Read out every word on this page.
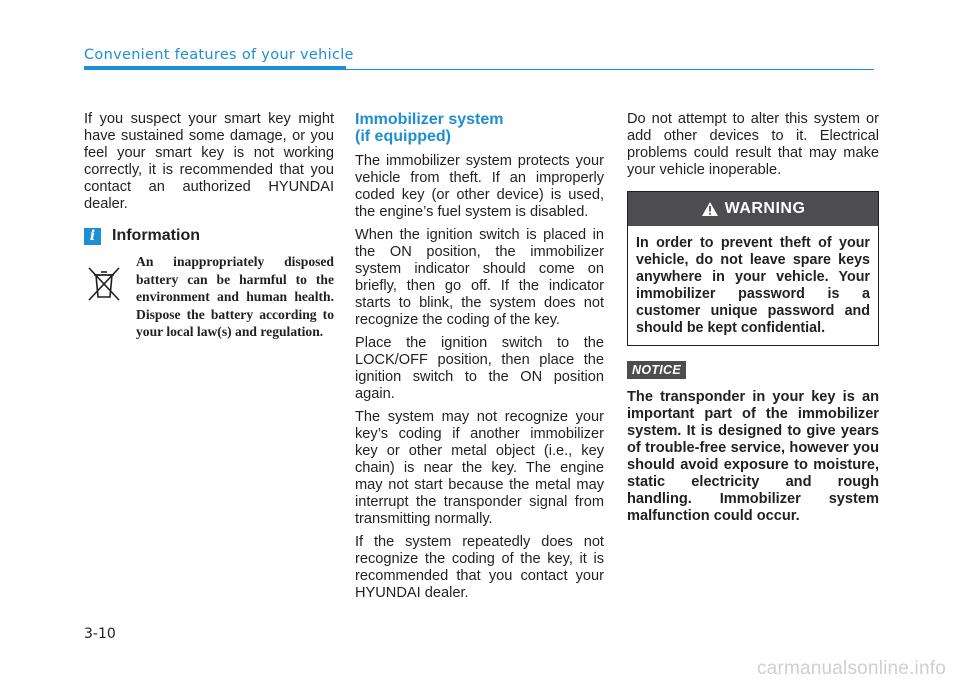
Convenient features of your vehicle

If you suspect your smart key might have sustained some damage, or you feel your smart key is not working correctly, it is recommended that you contact an authorized HYUNDAI dealer.

i	Information
An inappropriately disposed battery can be harmful to the environment and human health. Dispose the battery according to your local law(s) and regulation.
Immobilizer system
(if equipped)

The immobilizer system protects your vehicle from theft. If an improperly coded key (or other device) is used, the engine’s fuel system is disabled.

When the ignition switch is placed in the ON position, the immobilizer system indicator should come on briefly, then go off. If the indicator starts to blink, the system does not recognize the coding of the key.

Place the ignition switch to the LOCK/OFF position, then place the ignition switch to the ON position again.

The system may not recognize your key’s coding if another immobilizer key or other metal object (i.e., key chain) is near the key. The engine may not start because the metal may interrupt the transponder signal from transmitting normally.

If the system repeatedly does not recognize the coding of the key, it is recommended that you contact your HYUNDAI dealer.

Do not attempt to alter this system or add other devices to it. Electrical problems could result that may make your vehicle inoperable.

WARNING
In order to prevent theft of your vehicle, do not leave spare keys anywhere in your vehicle. Your immobilizer password is a customer unique password and should be kept confidential.
NOTICE
The transponder in your key is an important part of the immobilizer system. It is designed to give years of trouble-free service, however you should avoid exposure to moisture, static electricity and rough handling. Immobilizer system malfunction could occur.
3-10
carmanualsonline.info
